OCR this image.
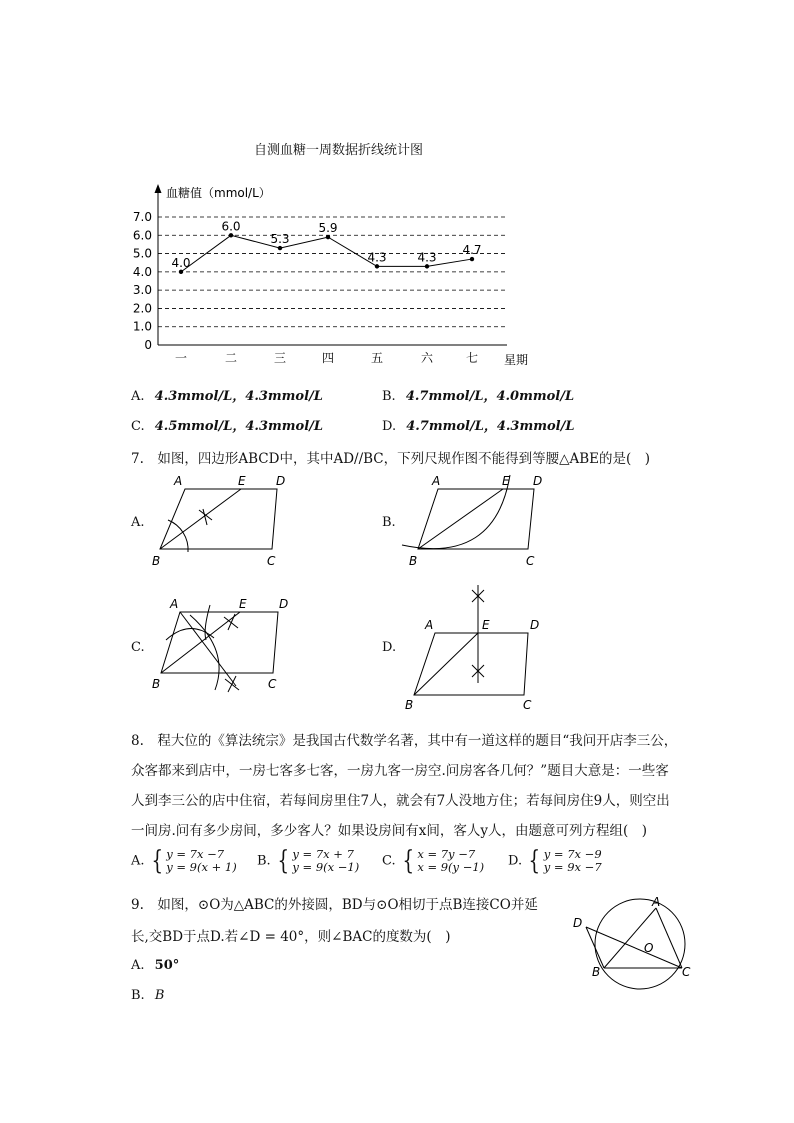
自测血糖一周数据折线统计图
血糖值（mmol/L）
星期
0
1.0
2.0
3.0
4.0
5.0
6.0
7.0
一	二	三	四	五	六	七
4.0
6.0
5.3
5.9
4.3	4.3
4.7
A. 4.3mmol/L，4.3mmol/L	B. 4.7mmol/L，4.0mmol/L
C. 4.5mmol/L，4.3mmol/L	D. 4.7mmol/L，4.3mmol/L
7.　如图，四边形ABCD中，其中AD//BC，下列尺规作图不能得到等腰△ABE的是(　)
A.	B.
C.	D.
A	E	D
B	C
A	E D
B	C
A	E	D
B	C
A	E	D
B	C
8.　程大位的《算法统宗》是我国古代数学名著，其中有一道这样的题目“我问开店李三公，
众客都来到店中，一房七客多七客，一房九客一房空.问房客各几何？”题目大意是：一些客
人到李三公的店中住宿，若每间房里住7人，就会有7人没地方住；若每间房住9人，则空出
一间房.问有多少房间，多少客人？如果设房间有x间，客人y人，由题意可列方程组(　)
A. { y = 7x −7
y = 9(x + 1) B. { y = 7x + 7
y = 9(x −1) C. { x = 7y −7
x = 9(y −1) D. { y = 7x −9
y = 9x −7
9.　如图，⊙O为△ABC的外接圆，BD与⊙O相切于点B连接CO并延
长,交BD于点D.若∠D = 40°，则∠BAC的度数为(　)
A. 50°
B. B
A
D
O
B	C
